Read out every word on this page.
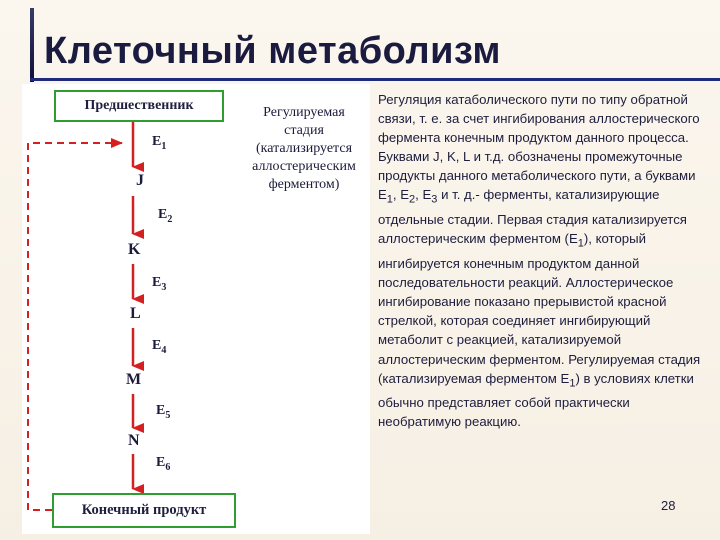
Клеточный метаболизм
Предшественник	Регулируемая
стадия
(катализируется
аллостерическим
ферментом)
$E_1$
J
$E_2$
K
$E_3$
L
$E_4$
M
$E_5$
N
$E_6$
Конечный продукт

Регуляция катаболического пути по типу обратной связи, т. е. за счет ингибирования аллостерического фермента конечным продуктом данного процесса. Буквами J, K, L и т.д. обозначены промежуточные продукты данного метаболического пути, а буквами $E_1$, $E_2$, $E_3$ и т. д.- ферменты, катализирующие отдельные стадии. Первая стадия катализируется аллостерическим ферментом $(E_1)$, который ингибируется конечным продуктом данной последовательности реакций. Аллостерическое ингибирование показано прерывистой красной стрелкой, которая соединяет ингибирующий метаболит с реакцией, катализируемой аллостерическим ферментом. Регулируемая стадия (катализируемая ферментом $E_1$) в условиях клетки обычно представляет собой практически необратимую реакцию.

28
